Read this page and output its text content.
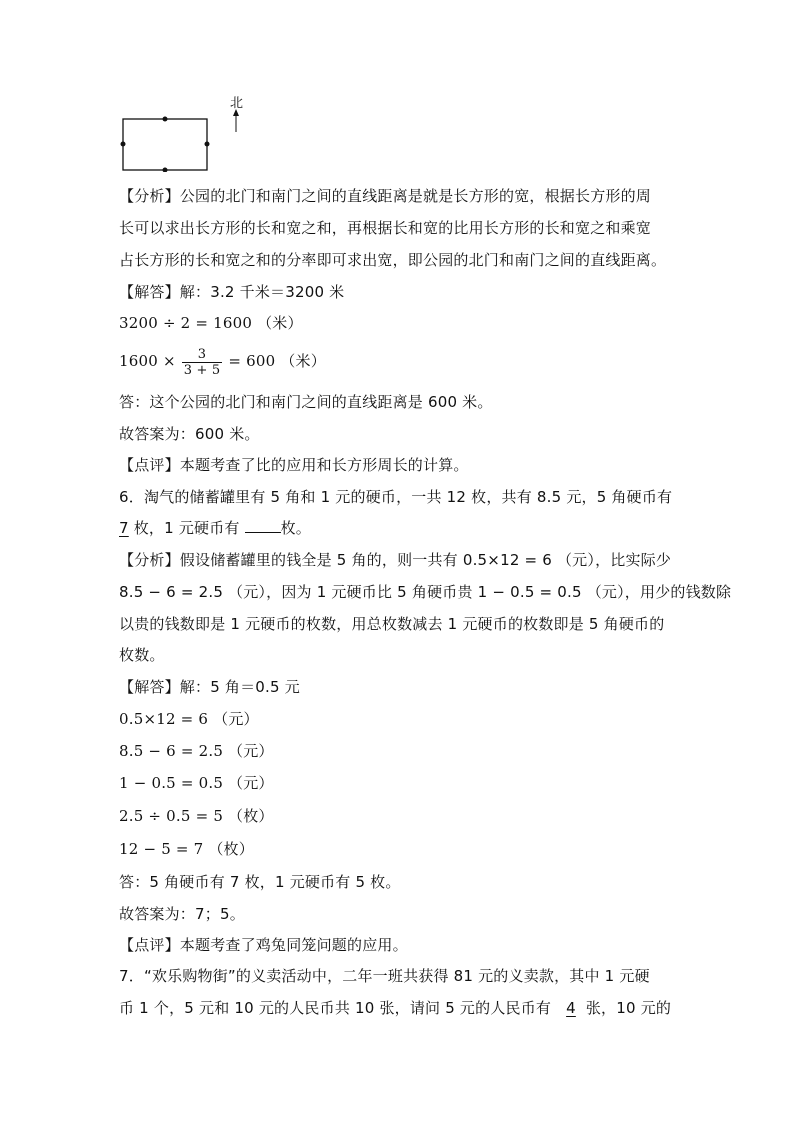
北
【分析】公园的北门和南门之间的直线距离是就是长方形的宽，根据长方形的周
长可以求出长方形的长和宽之和，再根据长和宽的比用长方形的长和宽之和乘宽
占长方形的长和宽之和的分率即可求出宽，即公园的北门和南门之间的直线距离。
【解答】解：3.2 千米＝3200 米
3200 ÷ 2 = 1600 （米）
$1600 \times \frac{3}{3 + 5} = 600$ （米）
答：这个公园的北门和南门之间的直线距离是 600 米。
故答案为：600 米。
【点评】本题考查了比的应用和长方形周长的计算。
6．淘气的储蓄罐里有 5 角和 1 元的硬币，一共 12 枚，共有 8.5 元，5 角硬币有
7 枚，1 元硬币有 枚。
【分析】假设储蓄罐里的钱全是 5 角的，则一共有 0.5×12 = 6 （元），比实际少
8.5 − 6 = 2.5 （元），因为 1 元硬币比 5 角硬币贵 1 − 0.5 = 0.5 （元），用少的钱数除
以贵的钱数即是 1 元硬币的枚数，用总枚数减去 1 元硬币的枚数即是 5 角硬币的
枚数。
【解答】解：5 角＝0.5 元
0.5×12 = 6 （元）
8.5 − 6 = 2.5 （元）
1 − 0.5 = 0.5 （元）
2.5 ÷ 0.5 = 5 （枚）
12 − 5 = 7 （枚）
答：5 角硬币有 7 枚，1 元硬币有 5 枚。
故答案为：7；5。
【点评】本题考查了鸡兔同笼问题的应用。
7．“欢乐购物街”的义卖活动中，二年一班共获得 81 元的义卖款，其中 1 元硬
币 1 个，5 元和 10 元的人民币共 10 张，请问 5 元的人民币有 4 张，10 元的
